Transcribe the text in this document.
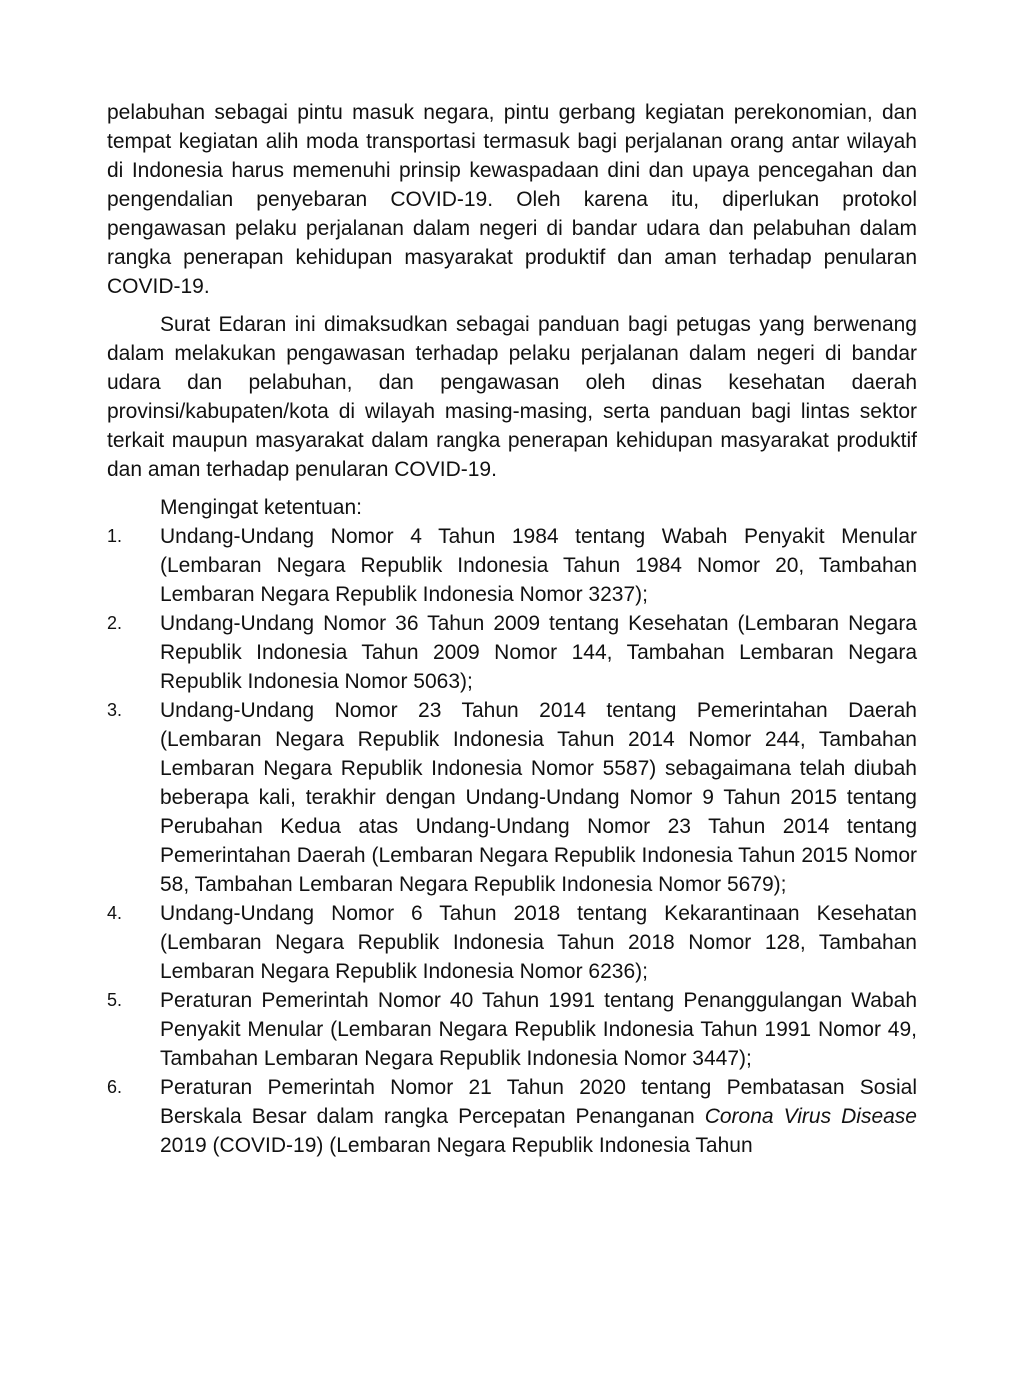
pelabuhan sebagai pintu masuk negara, pintu gerbang kegiatan perekonomian, dan tempat kegiatan alih moda transportasi termasuk bagi perjalanan orang antar wilayah di Indonesia harus memenuhi prinsip kewaspadaan dini dan upaya pencegahan dan pengendalian penyebaran COVID-19. Oleh karena itu, diperlukan protokol pengawasan pelaku perjalanan dalam negeri di bandar udara dan pelabuhan dalam rangka penerapan kehidupan masyarakat produktif dan aman terhadap penularan COVID-19.

Surat Edaran ini dimaksudkan sebagai panduan bagi petugas yang berwenang dalam melakukan pengawasan terhadap pelaku perjalanan dalam negeri di bandar udara dan pelabuhan, dan pengawasan oleh dinas kesehatan daerah provinsi/kabupaten/kota di wilayah masing-masing, serta panduan bagi lintas sektor terkait maupun masyarakat dalam rangka penerapan kehidupan masyarakat produktif dan aman terhadap penularan COVID-19.

Mengingat ketentuan:
1.	Undang-Undang Nomor 4 Tahun 1984 tentang Wabah Penyakit Menular (Lembaran Negara Republik Indonesia Tahun 1984 Nomor 20, Tambahan Lembaran Negara Republik Indonesia Nomor 3237);
2.	Undang-Undang Nomor 36 Tahun 2009 tentang Kesehatan (Lembaran Negara Republik Indonesia Tahun 2009 Nomor 144, Tambahan Lembaran Negara Republik Indonesia Nomor 5063);
3.	Undang-Undang Nomor 23 Tahun 2014 tentang Pemerintahan Daerah (Lembaran Negara Republik Indonesia Tahun 2014 Nomor 244, Tambahan Lembaran Negara Republik Indonesia Nomor 5587) sebagaimana telah diubah beberapa kali, terakhir dengan Undang-Undang Nomor 9 Tahun 2015 tentang Perubahan Kedua atas Undang-Undang Nomor 23 Tahun 2014 tentang Pemerintahan Daerah (Lembaran Negara Republik Indonesia Tahun 2015 Nomor 58, Tambahan Lembaran Negara Republik Indonesia Nomor 5679);
4.	Undang-Undang Nomor 6 Tahun 2018 tentang Kekarantinaan Kesehatan (Lembaran Negara Republik Indonesia Tahun 2018 Nomor 128, Tambahan Lembaran Negara Republik Indonesia Nomor 6236);
5.	Peraturan Pemerintah Nomor 40 Tahun 1991 tentang Penanggulangan Wabah Penyakit Menular (Lembaran Negara Republik Indonesia Tahun 1991 Nomor 49, Tambahan Lembaran Negara Republik Indonesia Nomor 3447);
6.	Peraturan Pemerintah Nomor 21 Tahun 2020 tentang Pembatasan Sosial Berskala Besar dalam rangka Percepatan Penanganan Corona Virus Disease 2019 (COVID-19) (Lembaran Negara Republik Indonesia Tahun
